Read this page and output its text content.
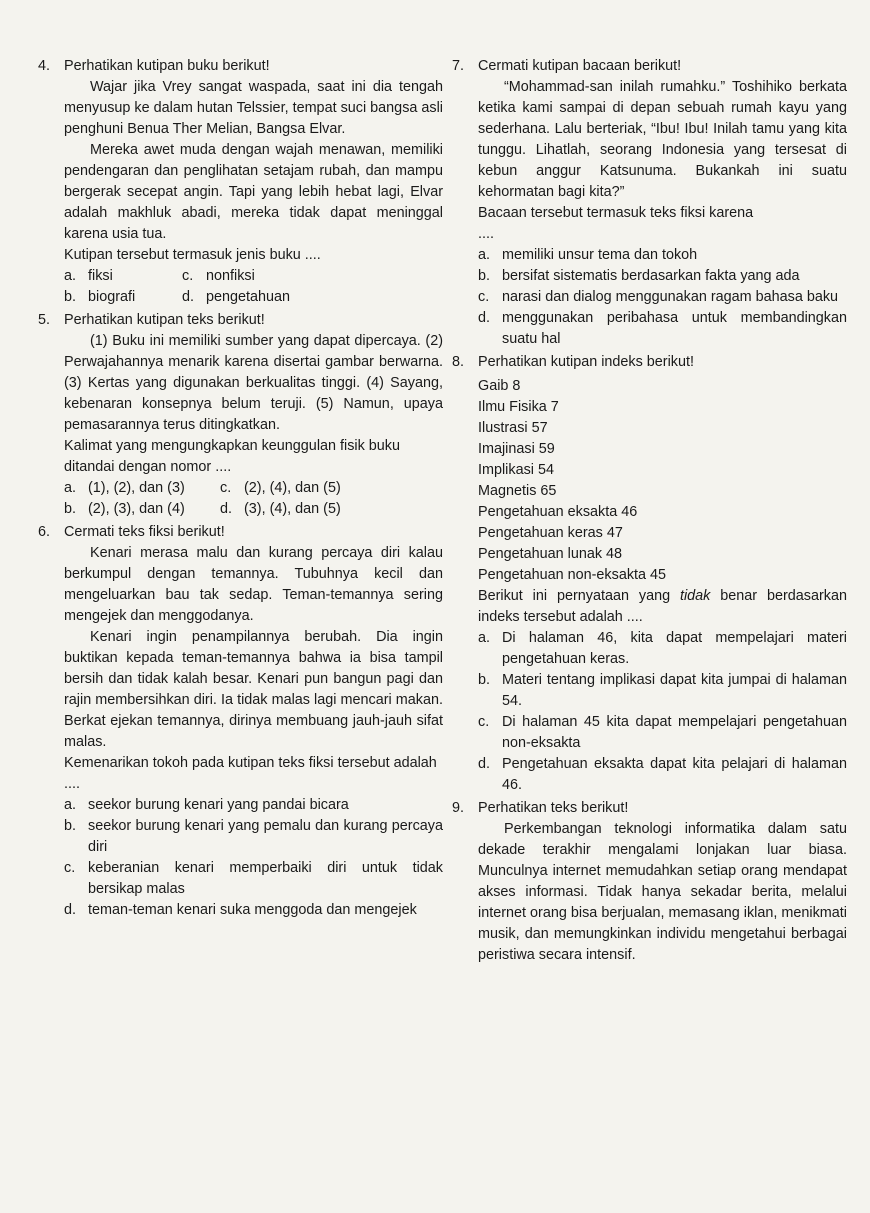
4. Perhatikan kutipan buku berikut!

Wajar jika Vrey sangat waspada, saat ini dia tengah menyusup ke dalam hutan Telssier, tempat suci bangsa asli penghuni Benua Ther Melian, Bangsa Elvar.

Mereka awet muda dengan wajah menawan, memiliki pendengaran dan penglihatan setajam rubah, dan mampu bergerak secepat angin. Tapi yang lebih hebat lagi, Elvar adalah makhluk abadi, mereka tidak dapat meninggal karena usia tua.

Kutipan tersebut termasuk jenis buku ....
a. fiksi	c. nonfiksi
b. biografi	d. pengetahuan
5. Perhatikan kutipan teks berikut!

(1) Buku ini memiliki sumber yang dapat dipercaya. (2) Perwajahannya menarik karena disertai gambar berwarna. (3) Kertas yang digunakan berkualitas tinggi. (4) Sayang, kebenaran konsepnya belum teruji. (5) Namun, upaya pemasarannya terus ditingkatkan.

Kalimat yang mengungkapkan keunggulan fisik buku ditandai dengan nomor ....
a. (1), (2), dan (3)	c. (2), (4), dan (5)
b. (2), (3), dan (4)	d. (3), (4), dan (5)
6. Cermati teks fiksi berikut!

Kenari merasa malu dan kurang percaya diri kalau berkumpul dengan temannya. Tubuhnya kecil dan mengeluarkan bau tak sedap. Teman-temannya sering mengejek dan menggodanya.

Kenari ingin penampilannya berubah. Dia ingin buktikan kepada teman-temannya bahwa ia bisa tampil bersih dan tidak kalah besar. Kenari pun bangun pagi dan rajin membersihkan diri. Ia tidak malas lagi mencari makan. Berkat ejekan temannya, dirinya membuang jauh-jauh sifat malas.

Kemenarikan tokoh pada kutipan teks fiksi tersebut adalah ....
a. seekor burung kenari yang pandai bicara
b. seekor burung kenari yang pemalu dan kurang percaya diri
c. keberanian kenari memperbaiki diri untuk tidak bersikap malas
d. teman-teman kenari suka menggoda dan mengejek
7. Cermati kutipan bacaan berikut!

“Mohammad-san inilah rumahku.” Toshihiko berkata ketika kami sampai di depan sebuah rumah kayu yang sederhana. Lalu berteriak, “Ibu! Ibu! Inilah tamu yang kita tunggu. Lihatlah, seorang Indonesia yang tersesat di kebun anggur Katsunuma. Bukankah ini suatu kehormatan bagi kita?”

Bacaan tersebut termasuk teks fiksi karena
....
a. memiliki unsur tema dan tokoh
b. bersifat sistematis berdasarkan fakta yang ada
c. narasi dan dialog menggunakan ragam bahasa baku
d. menggunakan peribahasa untuk membandingkan suatu hal
8. Perhatikan kutipan indeks berikut!
Gaib 8
Ilmu Fisika 7
Ilustrasi 57
Imajinasi 59
Implikasi 54
Magnetis 65
Pengetahuan eksakta 46
Pengetahuan keras 47
Pengetahuan lunak 48
Pengetahuan non-eksakta 45
Berikut ini pernyataan yang tidak benar berdasarkan indeks tersebut adalah ....
a. Di halaman 46, kita dapat mempelajari materi pengetahuan keras.
b. Materi tentang implikasi dapat kita jumpai di halaman 54.
c. Di halaman 45 kita dapat mempelajari pengetahuan non-eksakta
d. Pengetahuan eksakta dapat kita pelajari di halaman 46.
9. Perhatikan teks berikut!

Perkembangan teknologi informatika dalam satu dekade terakhir mengalami lonjakan luar biasa. Munculnya internet memudahkan setiap orang mendapat akses informasi. Tidak hanya sekadar berita, melalui internet orang bisa berjualan, memasang iklan, menikmati musik, dan memungkinkan individu mengetahui berbagai peristiwa secara intensif.
